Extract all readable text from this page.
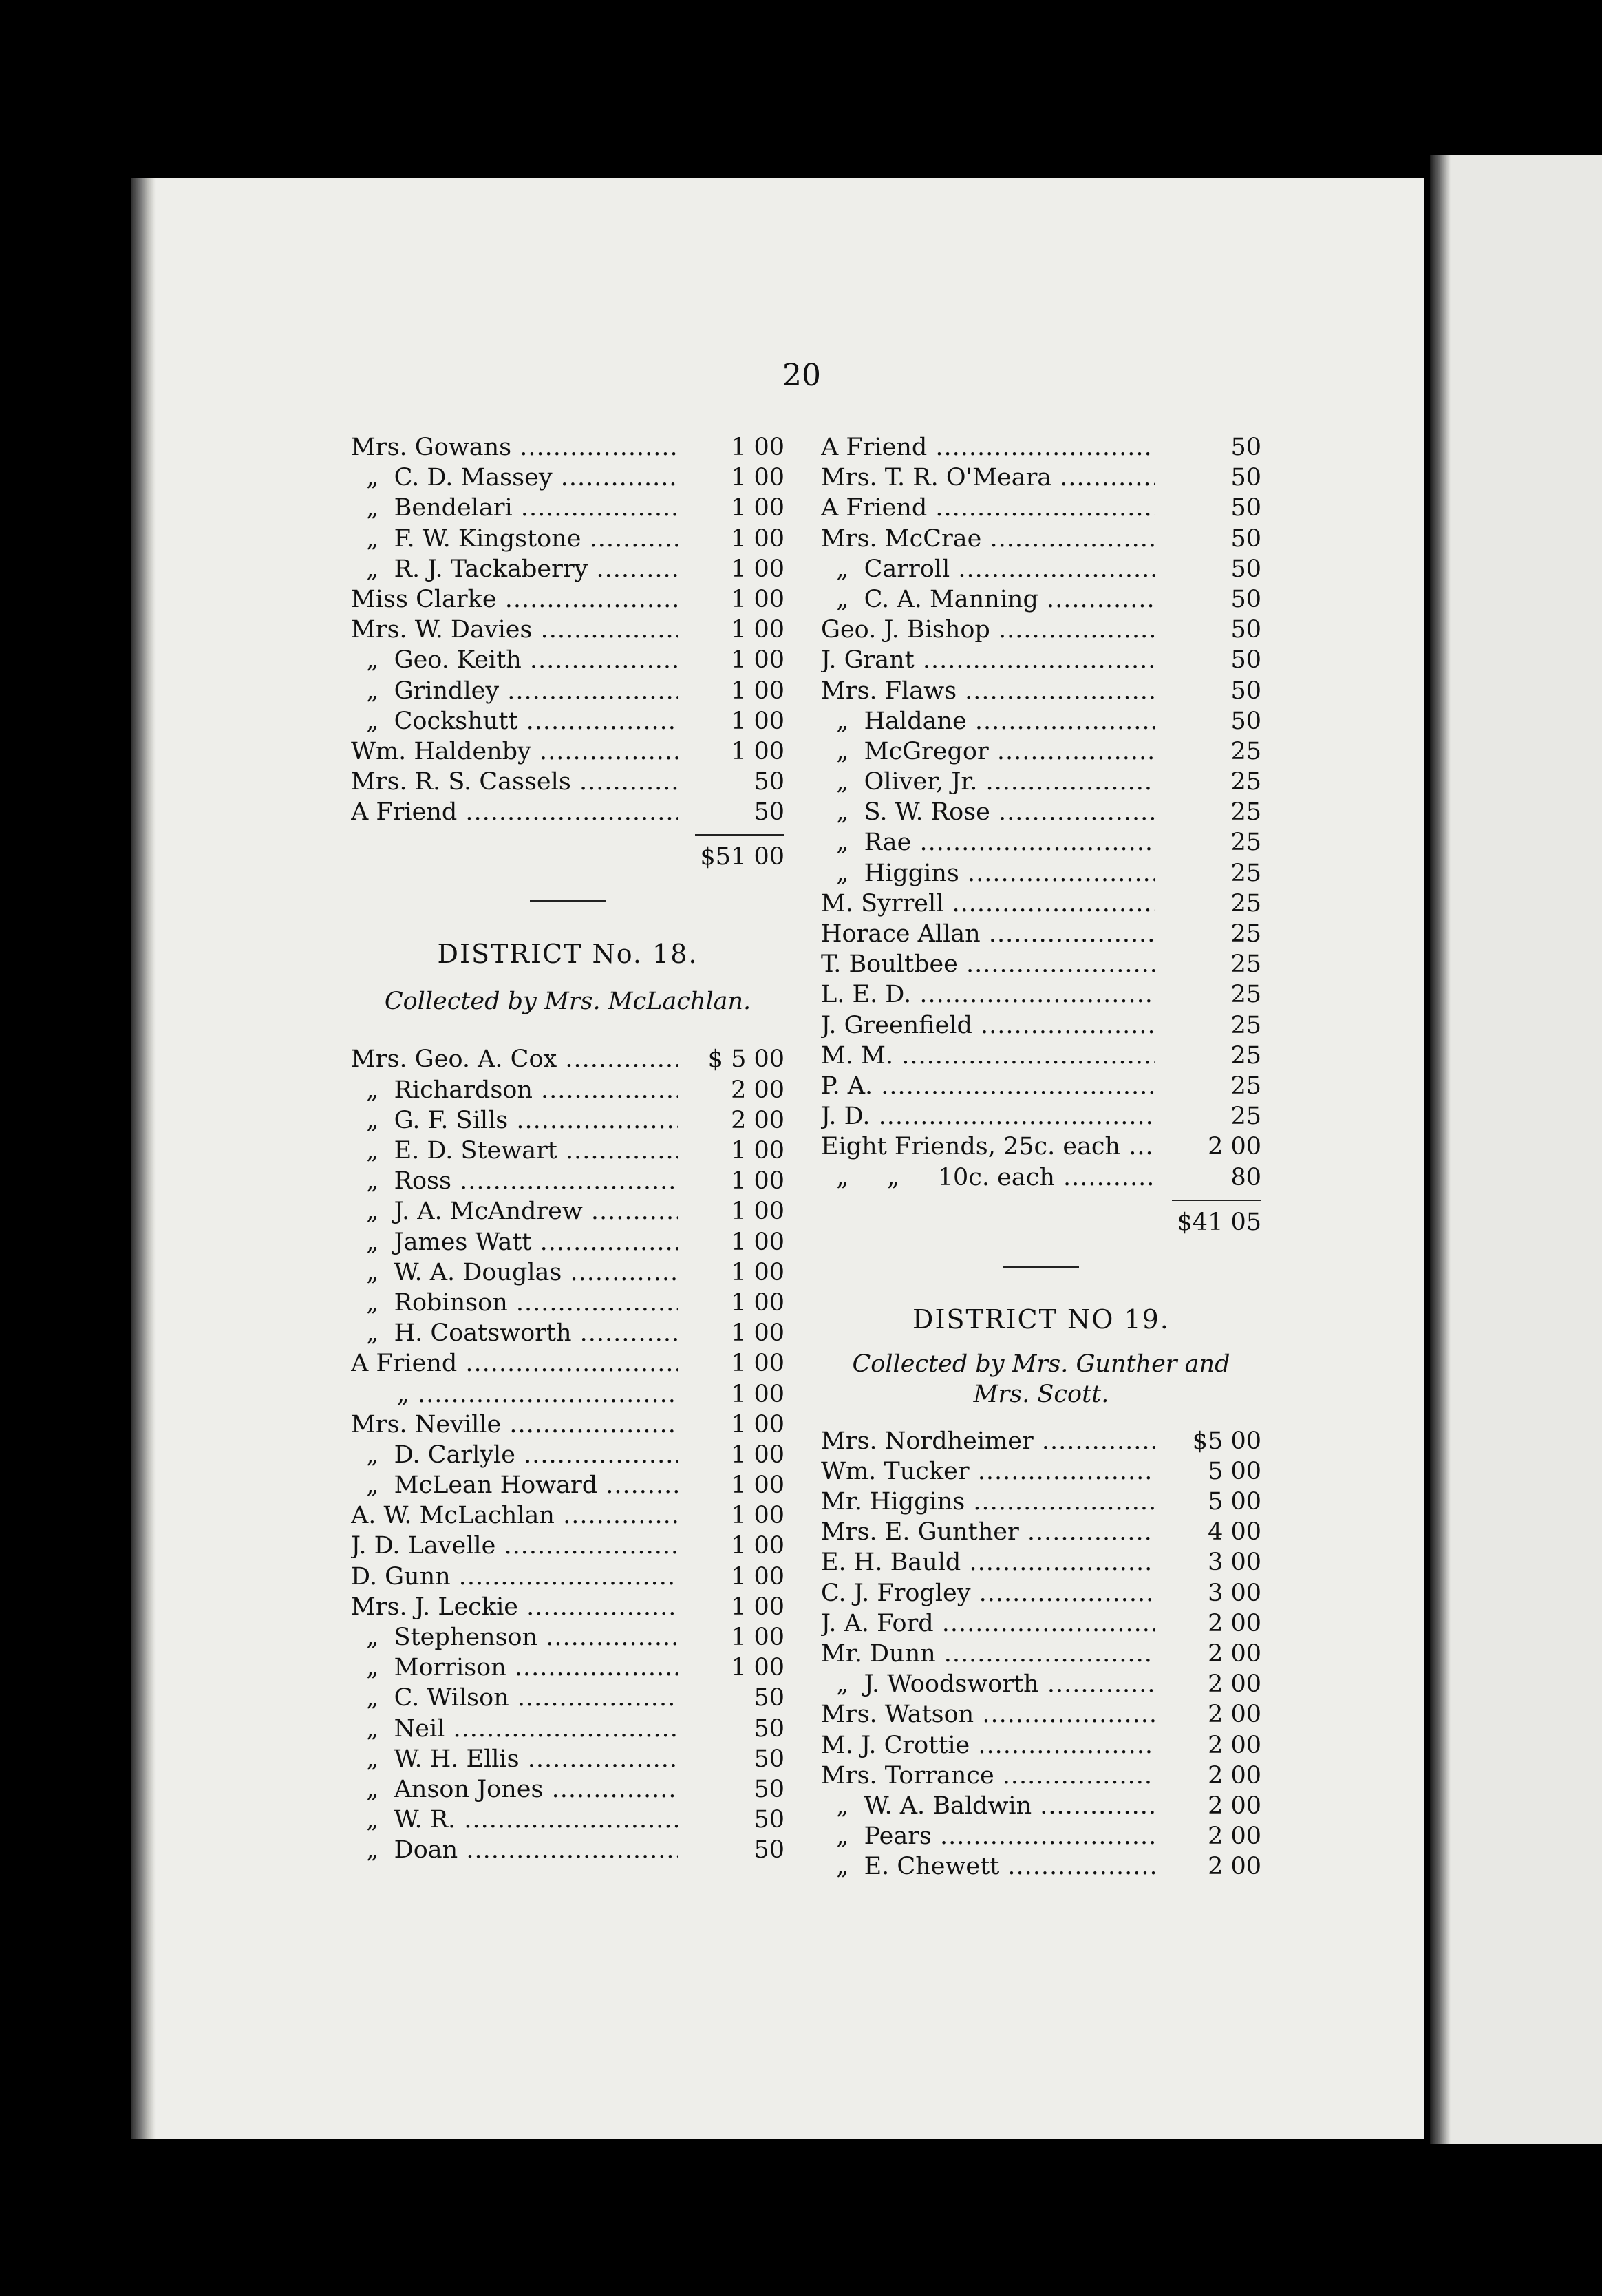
20
Mrs. Gowans .....	1 00
„  C. D. Massey .....	1 00
„  Bendelari .....	1 00
„  F. W. Kingstone .....	1 00
„  R. J. Tackaberry .....	1 00
Miss Clarke .....	1 00
Mrs. W. Davies .....	1 00
„  Geo. Keith .....	1 00
„  Grindley .....	1 00
„  Cockshutt .....	1 00
Wm. Haldenby .....	1 00
Mrs. R. S. Cassels .....	50
A Friend .....	50
$51 00
DISTRICT No. 18.
Collected by Mrs. McLachlan.
Mrs. Geo. A. Cox .....	$ 5 00
„  Richardson .....	2 00
„  G. F. Sills .....	2 00
„  E. D. Stewart .....	1 00
„  Ross .....	1 00
„  J. A. McAndrew .....	1 00
„  James Watt .....	1 00
„  W. A. Douglas .....	1 00
„  Robinson .....	1 00
„  H. Coatsworth .....	1 00
A Friend .....	1 00
„ .....	1 00
Mrs. Neville .....	1 00
„  D. Carlyle .....	1 00
„  McLean Howard .....	1 00
A. W. McLachlan .....	1 00
J. D. Lavelle .....	1 00
D. Gunn .....	1 00
Mrs. J. Leckie .....	1 00
„  Stephenson .....	1 00
„  Morrison .....	1 00
„  C. Wilson .....	50
„  Neil .....	50
„  W. H. Ellis .....	50
„  Anson Jones .....	50
„  W. R. .....	50
„  Doan .....	50
A Friend .....	50
Mrs. T. R. O'Meara .....	50
A Friend .....	50
Mrs. McCrae .....	50
„  Carroll .....	50
„  C. A. Manning .....	50
Geo. J. Bishop .....	50
J. Grant .....	50
Mrs. Flaws .....	50
„  Haldane .....	50
„  McGregor .....	25
„  Oliver, Jr. .....	25
„  S. W. Rose .....	25
„  Rae .....	25
„  Higgins .....	25
M. Syrrell .....	25
Horace Allan .....	25
T. Boultbee .....	25
L. E. D. .....	25
J. Greenfield .....	25
M. M. .....	25
P. A. .....	25
J. D. .....	25
Eight Friends, 25c. each .....	2 00
„     „     10c. each .....	80
$41 05
DISTRICT NO 19.
Collected by Mrs. Gunther and Mrs. Scott.
Mrs. Nordheimer .....	$5 00
Wm. Tucker .....	5 00
Mr. Higgins .....	5 00
Mrs. E. Gunther .....	4 00
E. H. Bauld .....	3 00
C. J. Frogley .....	3 00
J. A. Ford .....	2 00
Mr. Dunn .....	2 00
„  J. Woodsworth .....	2 00
Mrs. Watson .....	2 00
M. J. Crottie .....	2 00
Mrs. Torrance .....	2 00
„  W. A. Baldwin .....	2 00
„  Pears .....	2 00
„  E. Chewett .....	2 00
